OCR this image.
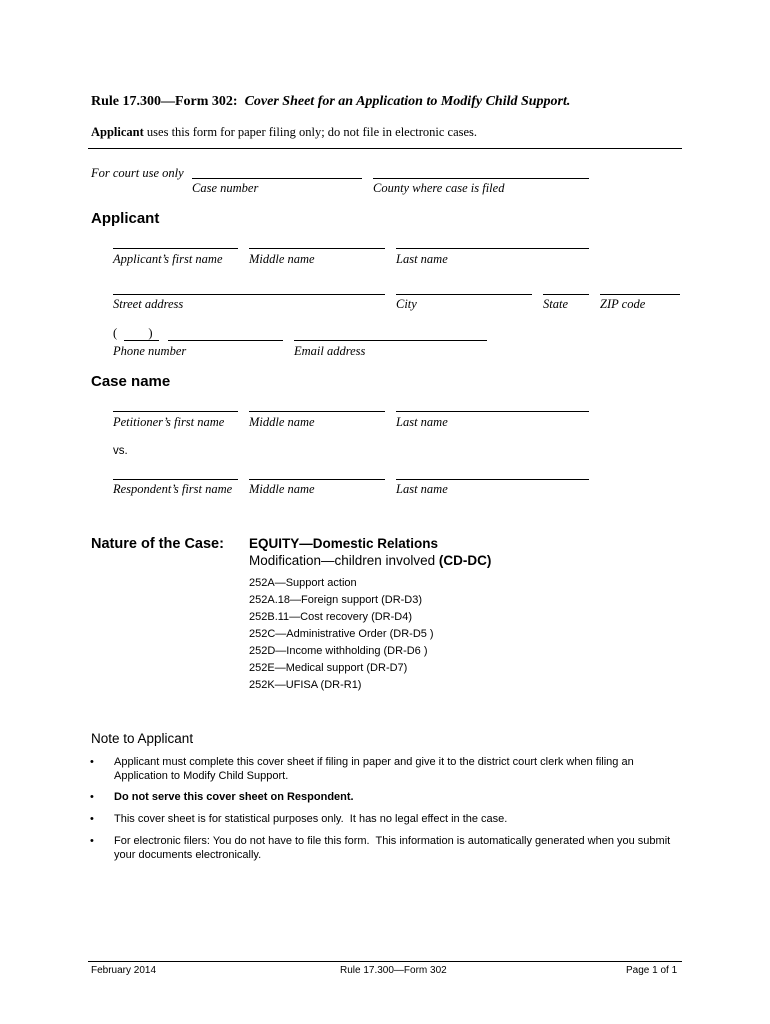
Rule 17.300—Form 302: Cover Sheet for an Application to Modify Child Support.
Applicant uses this form for paper filing only; do not file in electronic cases.
For court use only
Case number	County where case is filed
Applicant
Applicant’s first name Middle name	Last name
Street address	City	State	ZIP code
(          )
Phone number	Email address
Case name
Petitioner’s first name Middle name	Last name
vs.
Respondent’s first name Middle name	Last name
Nature of the Case: EQUITY—Domestic Relations
Modification—children involved (CD-DC)
252A—Support action
252A.18—Foreign support (DR-D3)
252B.11—Cost recovery (DR-D4)
252C—Administrative Order (DR-D5 )
252D—Income withholding (DR-D6 )
252E—Medical support (DR-D7)
252K—UFISA (DR-R1)
Note to Applicant
• Applicant must complete this cover sheet if filing in paper and give it to the district court clerk when filing an Application to Modify Child Support.
• Do not serve this cover sheet on Respondent.
• This cover sheet is for statistical purposes only.  It has no legal effect in the case.
• For electronic filers: You do not have to file this form.  This information is automatically generated when you submit your documents electronically.
February 2014	Rule 17.300—Form 302	Page 1 of 1
